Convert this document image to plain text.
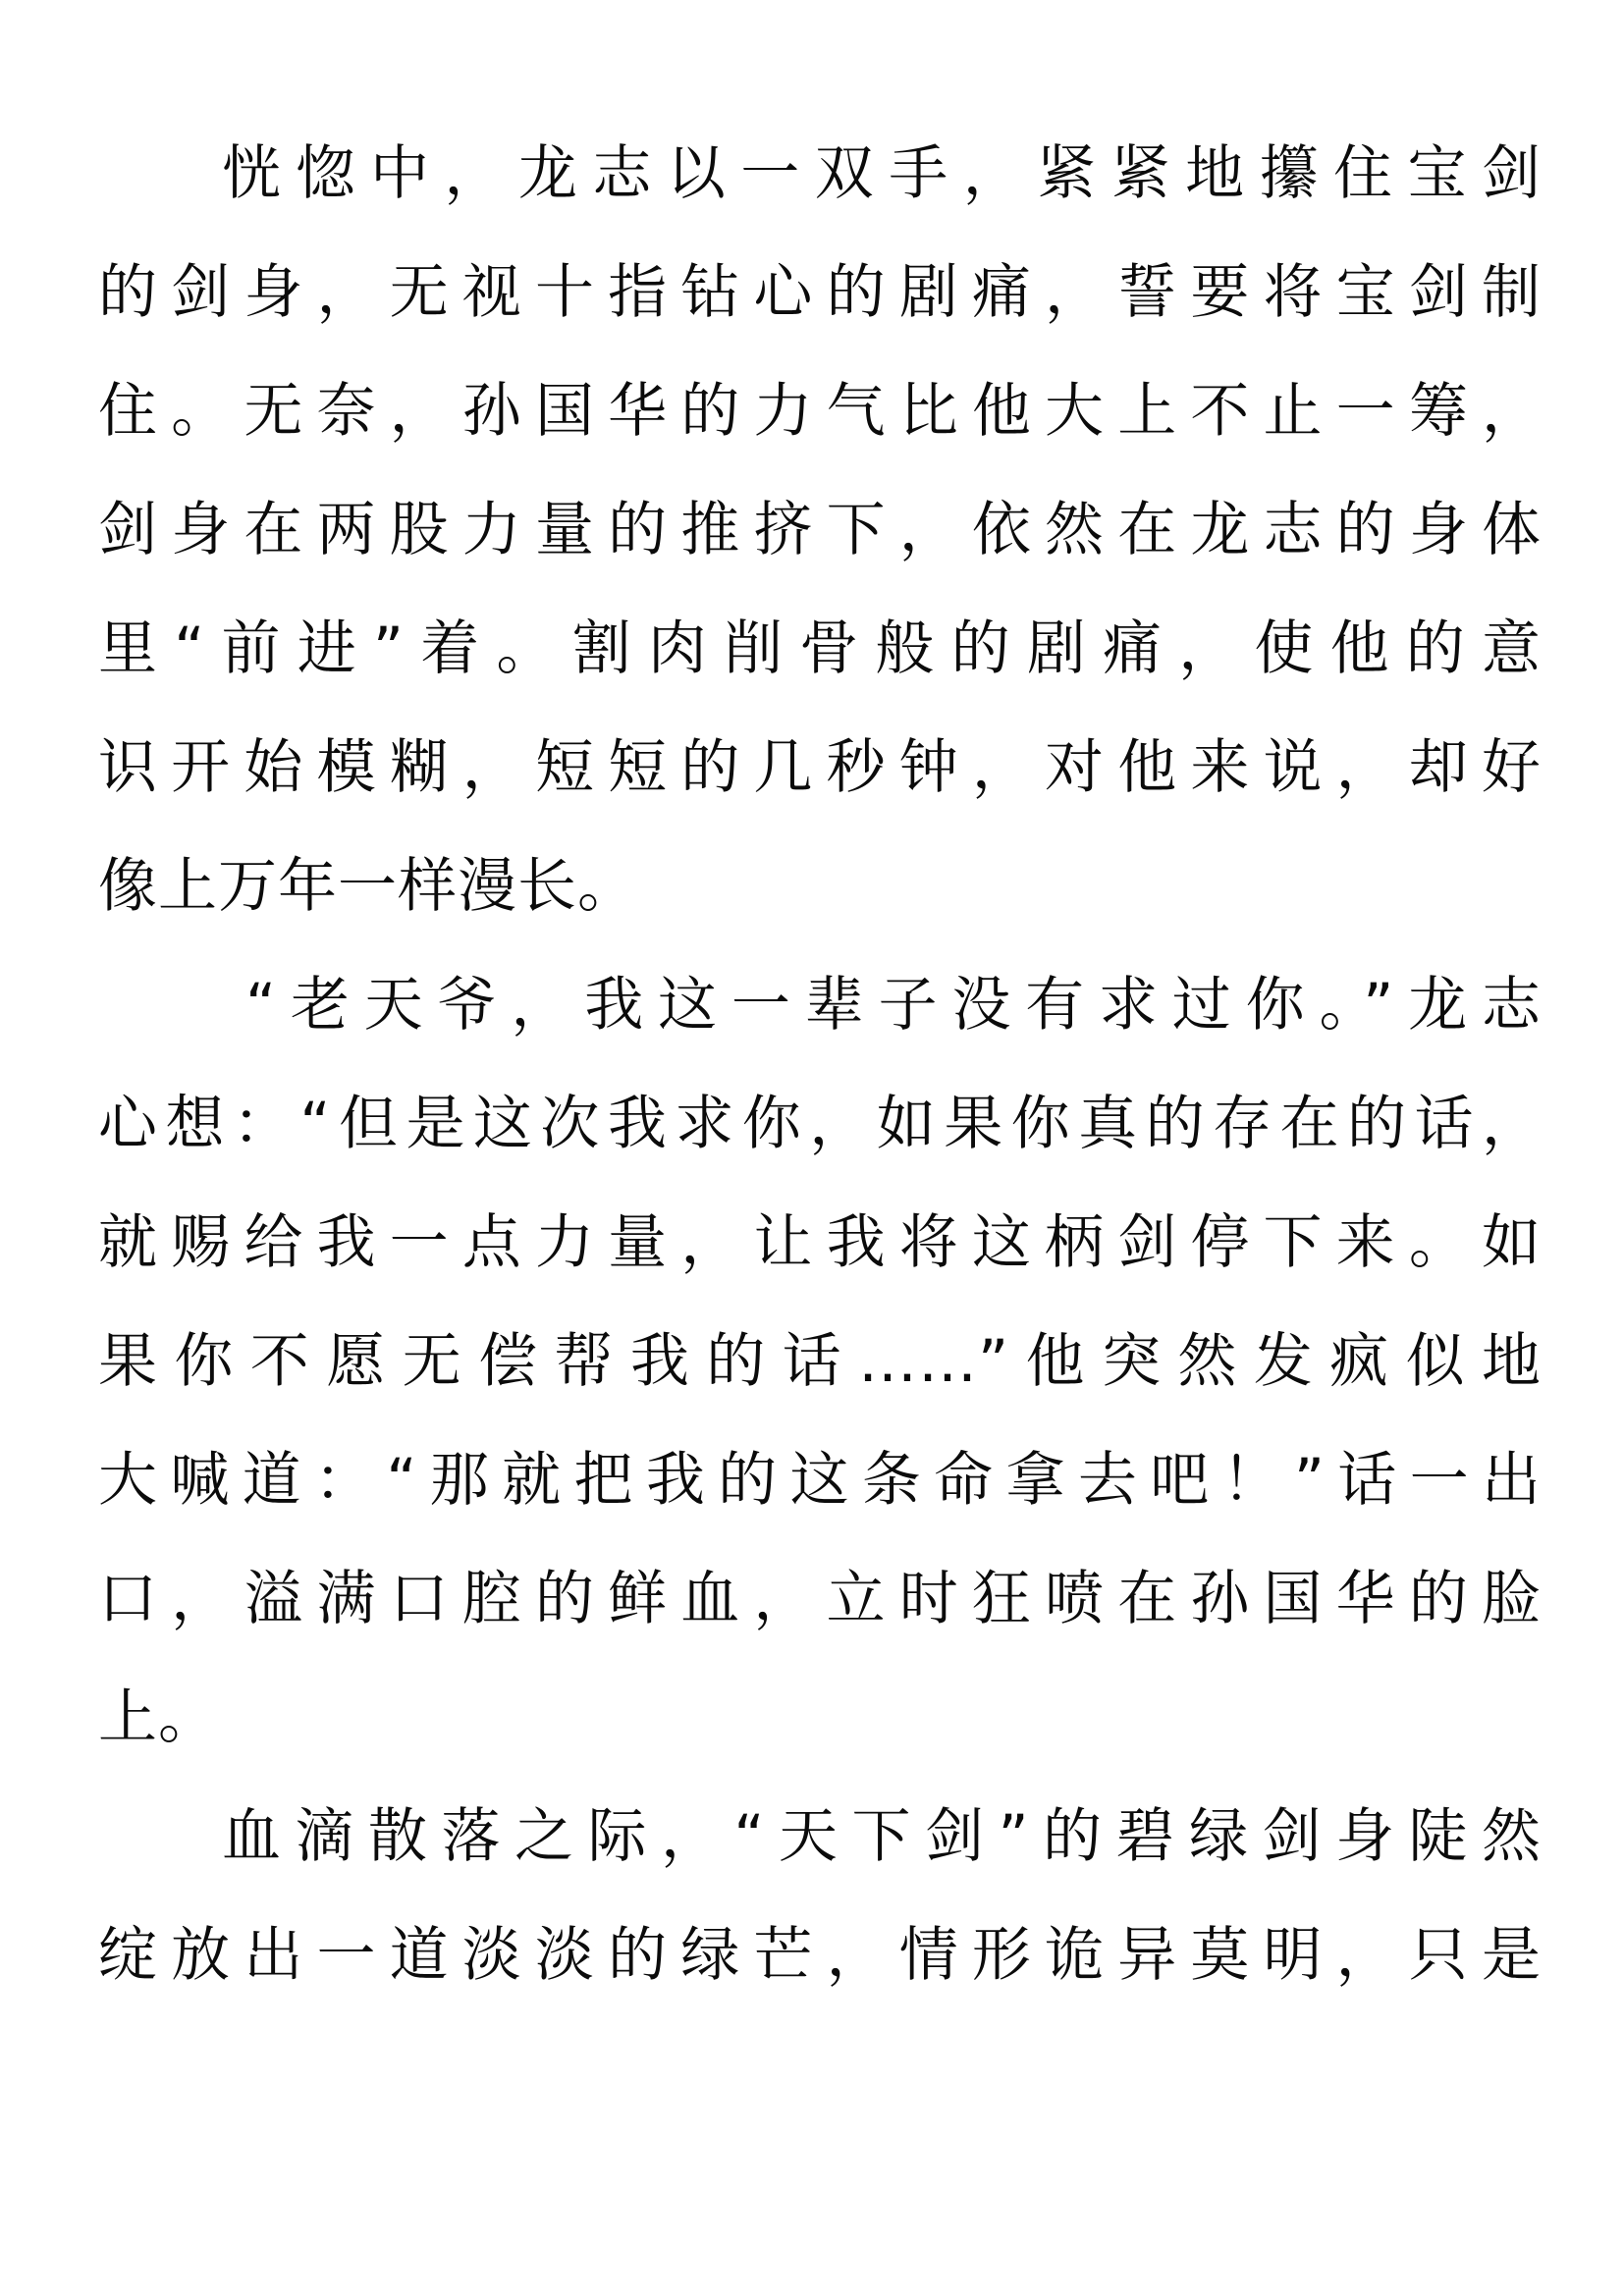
恍惚中，龙志以一双手，紧紧地攥住宝剑
的剑身，无视十指钻心的剧痛，誓要将宝剑制
住。无奈，孙国华的力气比他大上不止一筹，
剑身在两股力量的推挤下，依然在龙志的身体
里“前进”着。割肉削骨般的剧痛，使他的意
识开始模糊，短短的几秒钟，对他来说，却好
像上万年一样漫长。
“老天爷，我这一辈子没有求过你。”龙志
心想：“但是这次我求你，如果你真的存在的话，
就赐给我一点力量，让我将这柄剑停下来。如
果你不愿无偿帮我的话……”他突然发疯似地
大喊道：“那就把我的这条命拿去吧！”话一出
口，溢满口腔的鲜血，立时狂喷在孙国华的脸
上。
血滴散落之际，“天下剑”的碧绿剑身陡然
绽放出一道淡淡的绿芒，情形诡异莫明，只是
